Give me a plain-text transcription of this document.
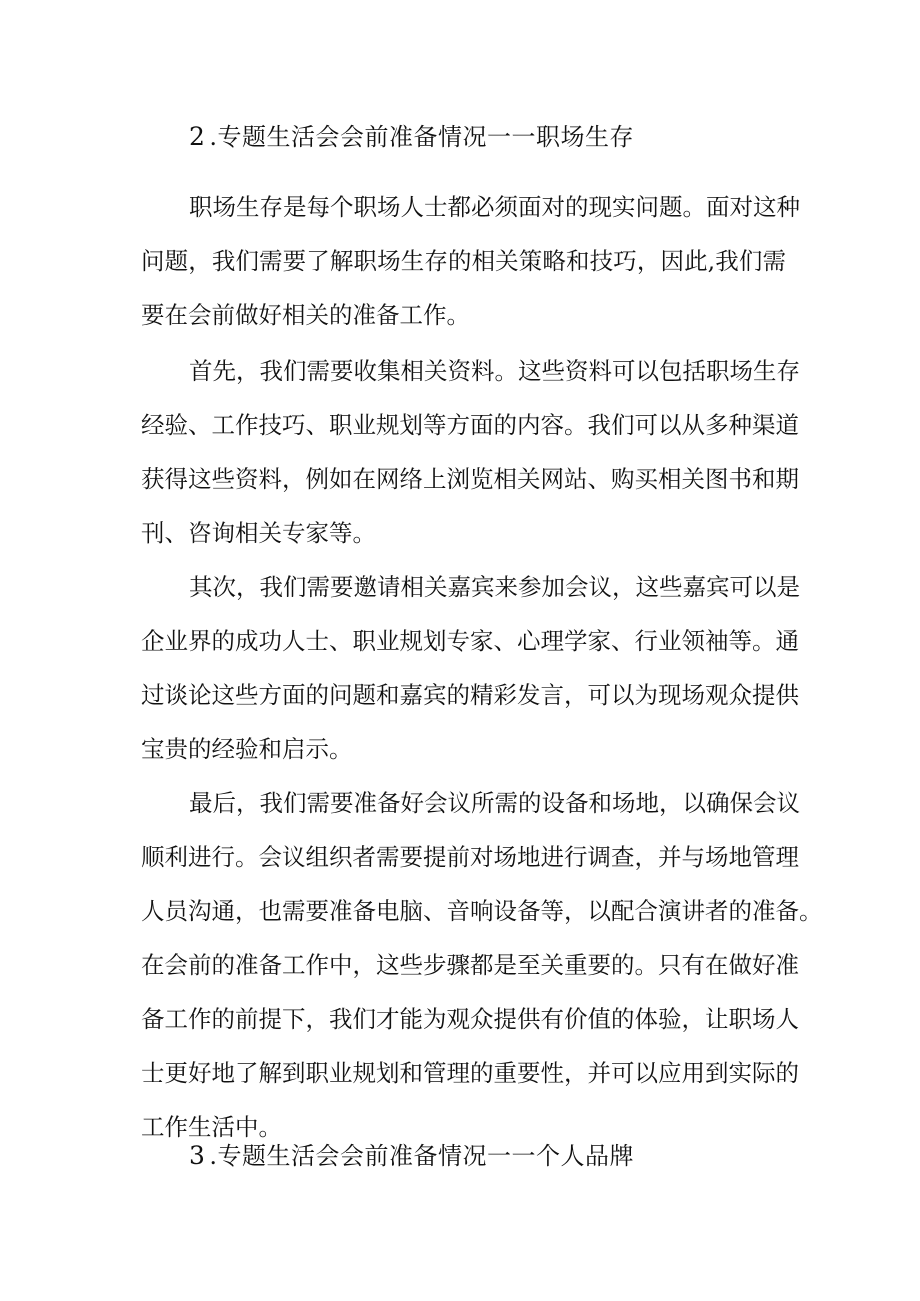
2 .专题生活会会前准备情况一一职场生存
职场生存是每个职场人士都必须面对的现实问题。面对这种
问题，我们需要了解职场生存的相关策略和技巧，因此,我们需
要在会前做好相关的准备工作。
首先，我们需要收集相关资料。这些资料可以包括职场生存
经验、工作技巧、职业规划等方面的内容。我们可以从多种渠道
获得这些资料，例如在网络上浏览相关网站、购买相关图书和期
刊、咨询相关专家等。
其次，我们需要邀请相关嘉宾来参加会议，这些嘉宾可以是
企业界的成功人士、职业规划专家、心理学家、行业领袖等。通
过谈论这些方面的问题和嘉宾的精彩发言，可以为现场观众提供
宝贵的经验和启示。
最后，我们需要准备好会议所需的设备和场地，以确保会议
顺利进行。会议组织者需要提前对场地进行调查，并与场地管理
人员沟通，也需要准备电脑、音响设备等，以配合演讲者的准备。
在会前的准备工作中，这些步骤都是至关重要的。只有在做好准
备工作的前提下，我们才能为观众提供有价值的体验，让职场人
士更好地了解到职业规划和管理的重要性，并可以应用到实际的
工作生活中。
3 .专题生活会会前准备情况一一个人品牌
